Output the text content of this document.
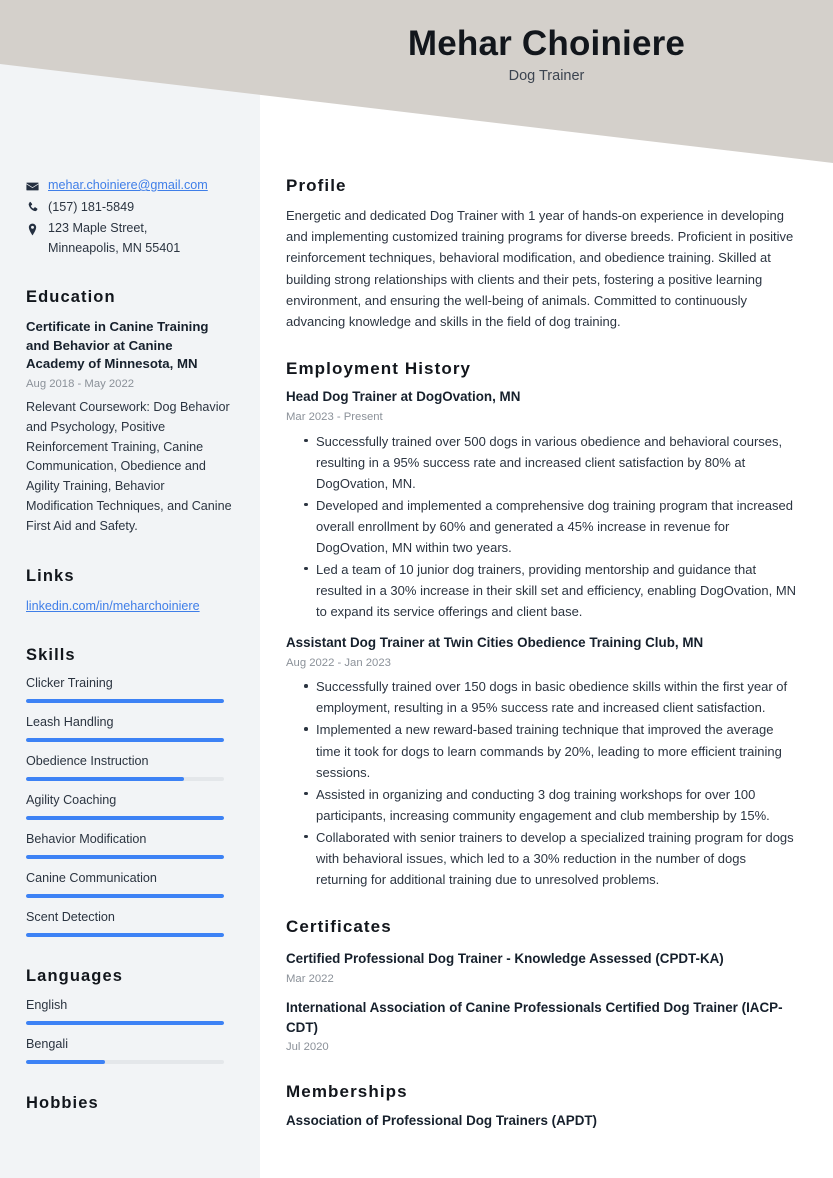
Mehar Choiniere

Dog Trainer

mehar.choiniere@gmail.com
(157) 181-5849
123 Maple Street,
Minneapolis, MN 55401
Education

Certificate in Canine Training and Behavior at Canine Academy of Minnesota, MN

Aug 2018 - May 2022

Relevant Coursework: Dog Behavior and Psychology, Positive Reinforcement Training, Canine Communication, Obedience and Agility Training, Behavior Modification Techniques, and Canine First Aid and Safety.

Links

linkedin.com/in/meharchoiniere

Skills
Clicker Training
Leash Handling
Obedience Instruction
Agility Coaching
Behavior Modification
Canine Communication
Scent Detection
Languages
English
Bengali
Hobbies
Profile

Energetic and dedicated Dog Trainer with 1 year of hands-on experience in developing and implementing customized training programs for diverse breeds. Proficient in positive reinforcement techniques, behavioral modification, and obedience training. Skilled at building strong relationships with clients and their pets, fostering a positive learning environment, and ensuring the well-being of animals. Committed to continuously advancing knowledge and skills in the field of dog training.

Employment History

Head Dog Trainer at DogOvation, MN

Mar 2023 - Present

Successfully trained over 500 dogs in various obedience and behavioral courses, resulting in a 95% success rate and increased client satisfaction by 80% at DogOvation, MN.
Developed and implemented a comprehensive dog training program that increased overall enrollment by 60% and generated a 45% increase in revenue for DogOvation, MN within two years.
Led a team of 10 junior dog trainers, providing mentorship and guidance that resulted in a 30% increase in their skill set and efficiency, enabling DogOvation, MN to expand its service offerings and client base.

Assistant Dog Trainer at Twin Cities Obedience Training Club, MN

Aug 2022 - Jan 2023

Successfully trained over 150 dogs in basic obedience skills within the first year of employment, resulting in a 95% success rate and increased client satisfaction.
Implemented a new reward-based training technique that improved the average time it took for dogs to learn commands by 20%, leading to more efficient training sessions.
Assisted in organizing and conducting 3 dog training workshops for over 100 participants, increasing community engagement and club membership by 15%.
Collaborated with senior trainers to develop a specialized training program for dogs with behavioral issues, which led to a 30% reduction in the number of dogs returning for additional training due to unresolved problems.
Certificates

Certified Professional Dog Trainer - Knowledge Assessed (CPDT-KA)

Mar 2022

International Association of Canine Professionals Certified Dog Trainer (IACP-CDT)

Jul 2020

Memberships

Association of Professional Dog Trainers (APDT)
